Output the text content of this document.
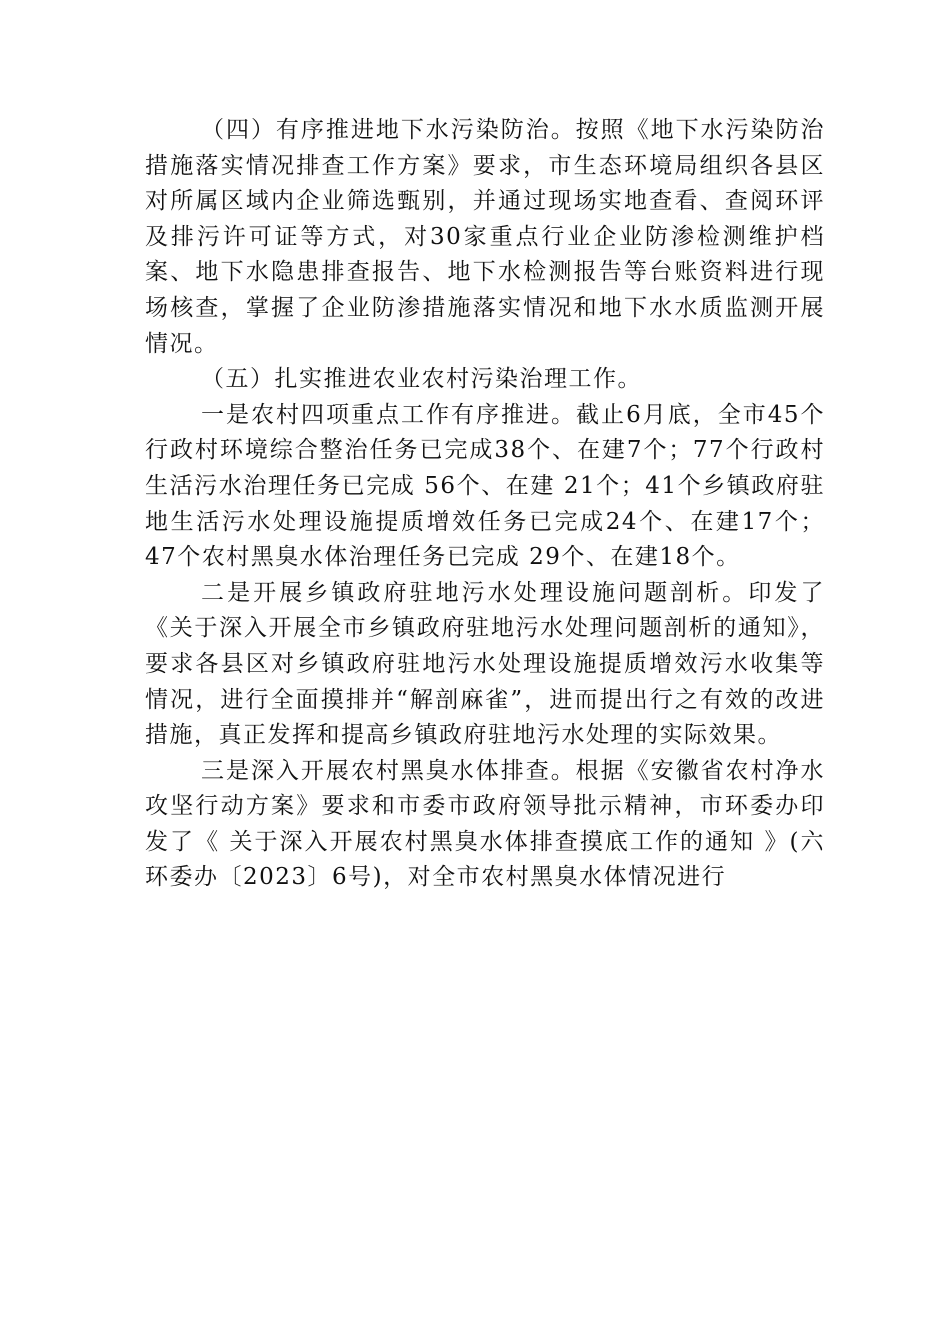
（四）有序推进地下水污染防治。按照《地下水污染防治措施落实情况排查工作方案》要求，市生态环境局组织各县区对所属区域内企业筛选甄别，并通过现场实地查看、查阅环评及排污许可证等方式，对30家重点行业企业防渗检测维护档案、地下水隐患排查报告、地下水检测报告等台账资料进行现场核查，掌握了企业防渗措施落实情况和地下水水质监测开展情况。

（五）扎实推进农业农村污染治理工作。

一是农村四项重点工作有序推进。截止6月底，全市45个行政村环境综合整治任务已完成38个、在建7个；77个行政村生活污水治理任务已完成 56个、在建 21个；41个乡镇政府驻地生活污水处理设施提质增效任务已完成24个、在建17个；47个农村黑臭水体治理任务已完成 29个、在建18个。

二是开展乡镇政府驻地污水处理设施问题剖析。印发了《关于深入开展全市乡镇政府驻地污水处理问题剖析的通知》，要求各县区对乡镇政府驻地污水处理设施提质增效污水收集等情况，进行全面摸排并“解剖麻雀”，进而提出行之有效的改进措施，真正发挥和提高乡镇政府驻地污水处理的实际效果。

三是深入开展农村黑臭水体排查。根据《安徽省农村净水攻坚行动方案》要求和市委市政府领导批示精神，市环委办印发了《 关于深入开展农村黑臭水体排查摸底工作的通知 》(六环委办〔2023〕6号)，对全市农村黑臭水体情况进行
